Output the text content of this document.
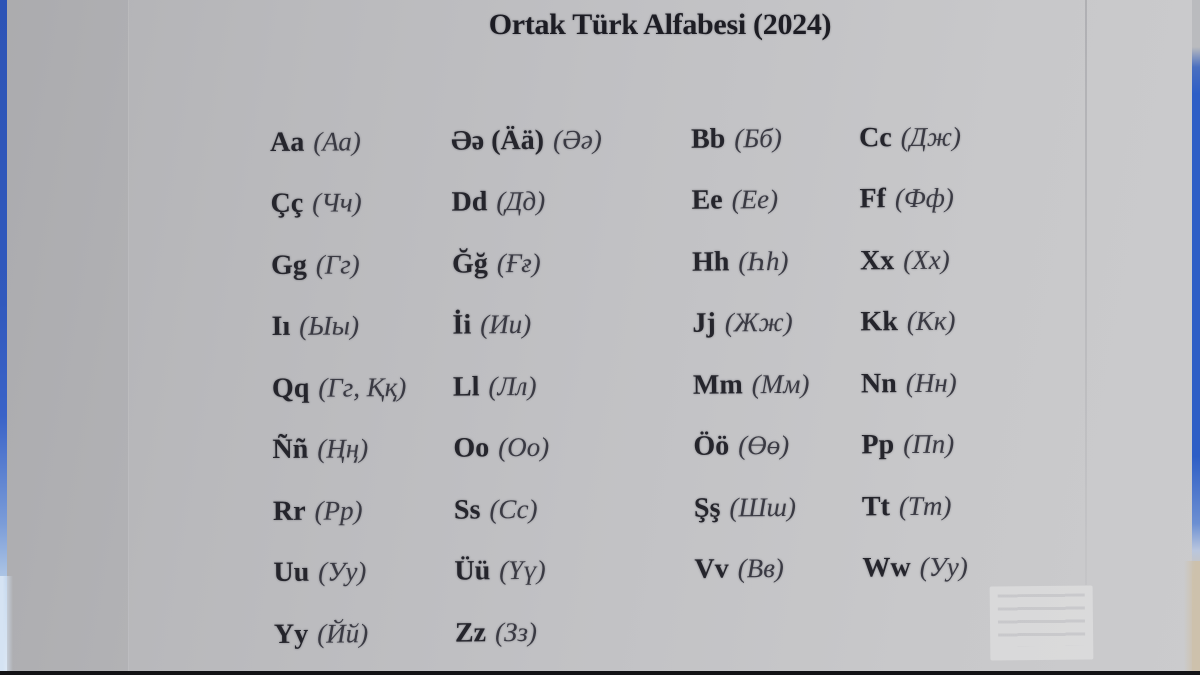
Ortak Türk Alfabesi (2024)
Aa (Аа)
Çç (Чч)
Gg (Гг)
Iı (Ыы)
Qq (Гг, Ққ)
Ññ (Ңң)
Rr (Рр)
Uu (Уу)
Yy (Йй)
Əə (Ää) (Әә)
Dd (Дд)
Ğğ (Ғғ)
İi (Ии)
Ll (Лл)
Oo (Оо)
Ss (Сс)
Üü (Үү)
Zz (Зз)
Bb (Бб)
Ee (Ее)
Hh (Һһ)
Jj (Жж)
Mm (Мм)
Öö (Өө)
Şş (Шш)
Vv (Вв)
Cc (Дж)
Ff (Фф)
Xx (Хх)
Kk (Кк)
Nn (Нн)
Pp (Пп)
Tt (Тт)
Ww (Уу)
